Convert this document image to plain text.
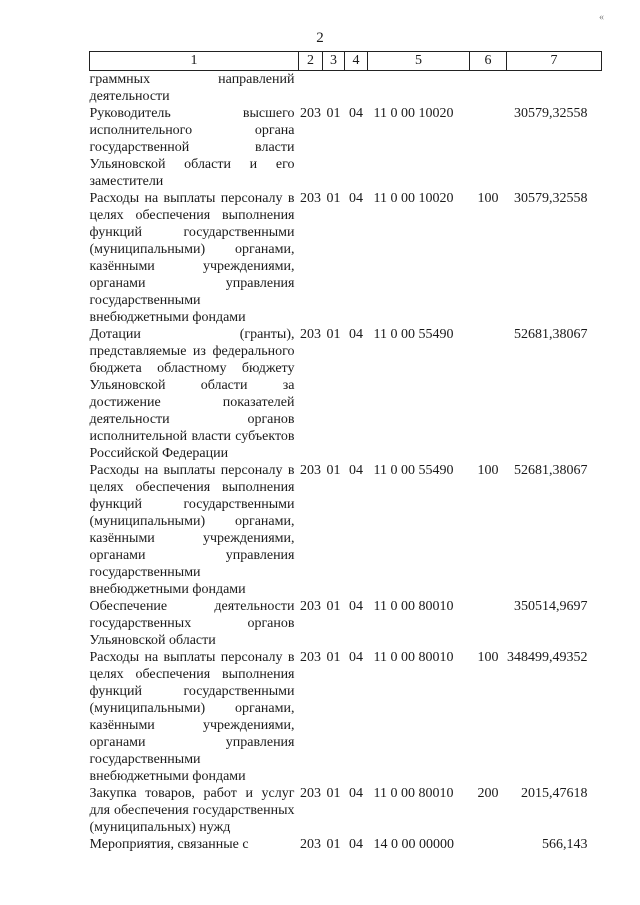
2
«
1	2	3	4	5	6	7
граммных направлений деятельности						
Руководитель высшего исполнительного органа государственной власти Ульяновской области и его заместители	203	01	04	11 0 00 10020		30579,32558
Расходы на выплаты персоналу в целях обеспечения выполнения функций государственными (муниципальными) органами, казёнными учреждениями, органами управления государственными внебюджетными фондами	203	01	04	11 0 00 10020	100	30579,32558
Дотации (гранты), представляемые из федерального бюджета областному бюджету Ульяновской области за достижение показателей деятельности органов исполнительной власти субъектов Российской Федерации	203	01	04	11 0 00 55490		52681,38067
Расходы на выплаты персоналу в целях обеспечения выполнения функций государственными (муниципальными) органами, казёнными учреждениями, органами управления государственными внебюджетными фондами	203	01	04	11 0 00 55490	100	52681,38067
Обеспечение деятельности государственных органов Ульяновской области	203	01	04	11 0 00 80010		350514,9697
Расходы на выплаты персоналу в целях обеспечения выполнения функций государственными (муниципальными) органами, казёнными учреждениями, органами управления государственными внебюджетными фондами	203	01	04	11 0 00 80010	100	348499,49352
Закупка товаров, работ и услуг для обеспечения государственных (муниципальных) нужд	203	01	04	11 0 00 80010	200	2015,47618
Мероприятия, связанные с	203	01	04	14 0 00 00000		566,143
